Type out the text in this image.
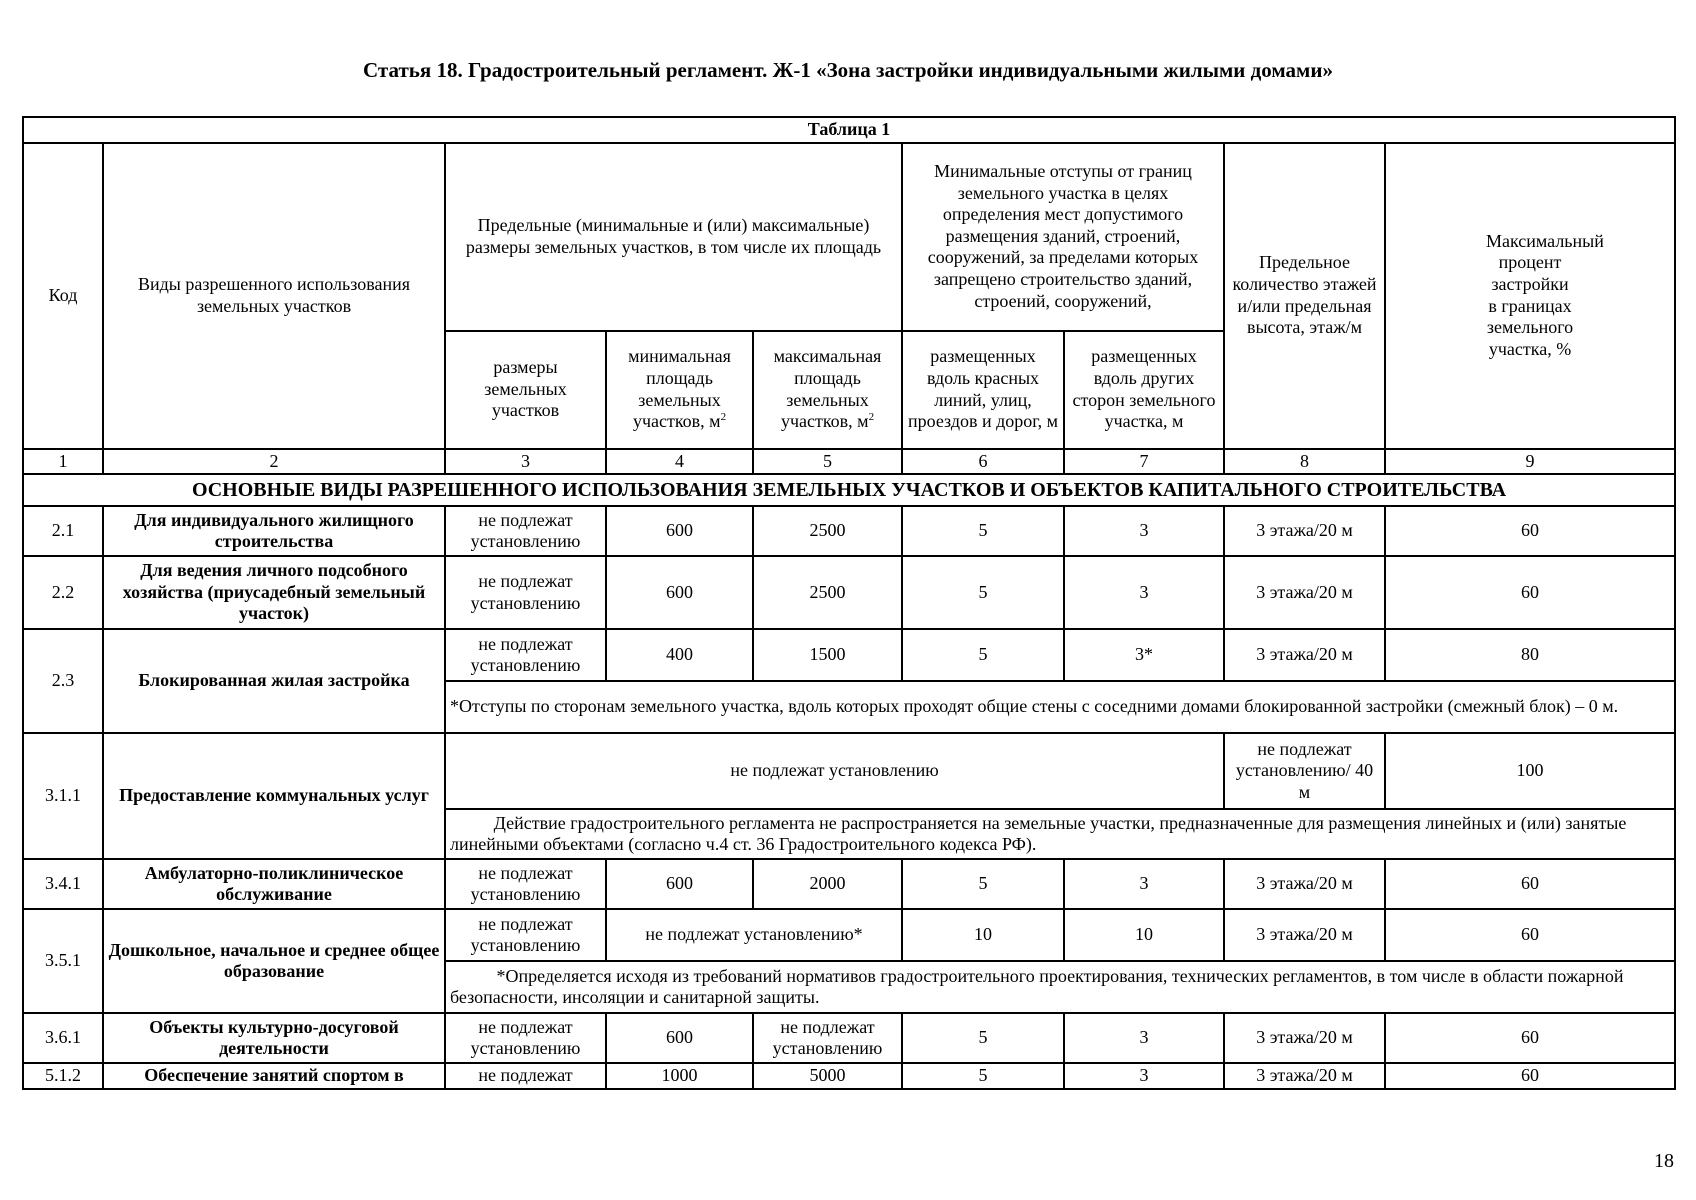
Статья 18. Градостроительный регламент. Ж-1 «Зона застройки индивидуальными жилыми домами»
Таблица 1								
Код	Виды разрешенного использования земельных участков	Предельные (минимальные и (или) максимальные) размеры земельных участков, в том числе их площадь			Минимальные отступы от границ земельного участка в целях определения мест допустимого размещения зданий, строений, сооружений, за пределами которых запрещено строительство зданий, строений, сооружений,		Предельное количество этажей и/или предельная высота, этаж/м	Максимальный процент застройки в границах земельного участка, %
		размеры земельных участков	минимальная площадь земельных участков, $м^2$	максимальная площадь земельных участков, $м^2$	размещенных вдоль красных линий, улиц, проездов и дорог, м	размещенных вдоль других сторон земельного участка, м		
1	2	3	4	5	6	7	8	9
ОСНОВНЫЕ ВИДЫ РАЗРЕШЕННОГО ИСПОЛЬЗОВАНИЯ ЗЕМЕЛЬНЫХ УЧАСТКОВ И ОБЪЕКТОВ КАПИТАЛЬНОГО СТРОИТЕЛЬСТВА								
2.1	Для индивидуального жилищного строительства	не подлежат установлению	600	2500	5	3	3 этажа/20 м	60
2.2	Для ведения личного подсобного хозяйства (приусадебный земельный участок)	не подлежат установлению	600	2500	5	3	3 этажа/20 м	60
2.3	Блокированная жилая застройка	не подлежат установлению	400	1500	5	3*	3 этажа/20 м	80
		*Отступы по сторонам земельного участка, вдоль которых проходят общие стены с соседними домами блокированной застройки (смежный блок) – 0 м.						
3.1.1	Предоставление коммунальных услуг	не подлежат установлению					не подлежат установлению/ 40 м	100
		Действие градостроительного регламента не распространяется на земельные участки, предназначенные для размещения линейных и (или) занятые линейными объектами (согласно ч.4 ст. 36 Градостроительного кодекса РФ).						
3.4.1	Амбулаторно-поликлиническое обслуживание	не подлежат установлению	600	2000	5	3	3 этажа/20 м	60
3.5.1	Дошкольное, начальное и среднее общее образование	не подлежат установлению	не подлежат установлению*		10	10	3 этажа/20 м	60
		*Определяется исходя из требований нормативов градостроительного проектирования, технических регламентов, в том числе в области пожарной безопасности, инсоляции и санитарной защиты.						
3.6.1	Объекты культурно-досуговой деятельности	не подлежат установлению	600	не подлежат установлению	5	3	3 этажа/20 м	60
5.1.2	Обеспечение занятий спортом в	не подлежат	1000	5000	5	3	3 этажа/20 м	60
18
